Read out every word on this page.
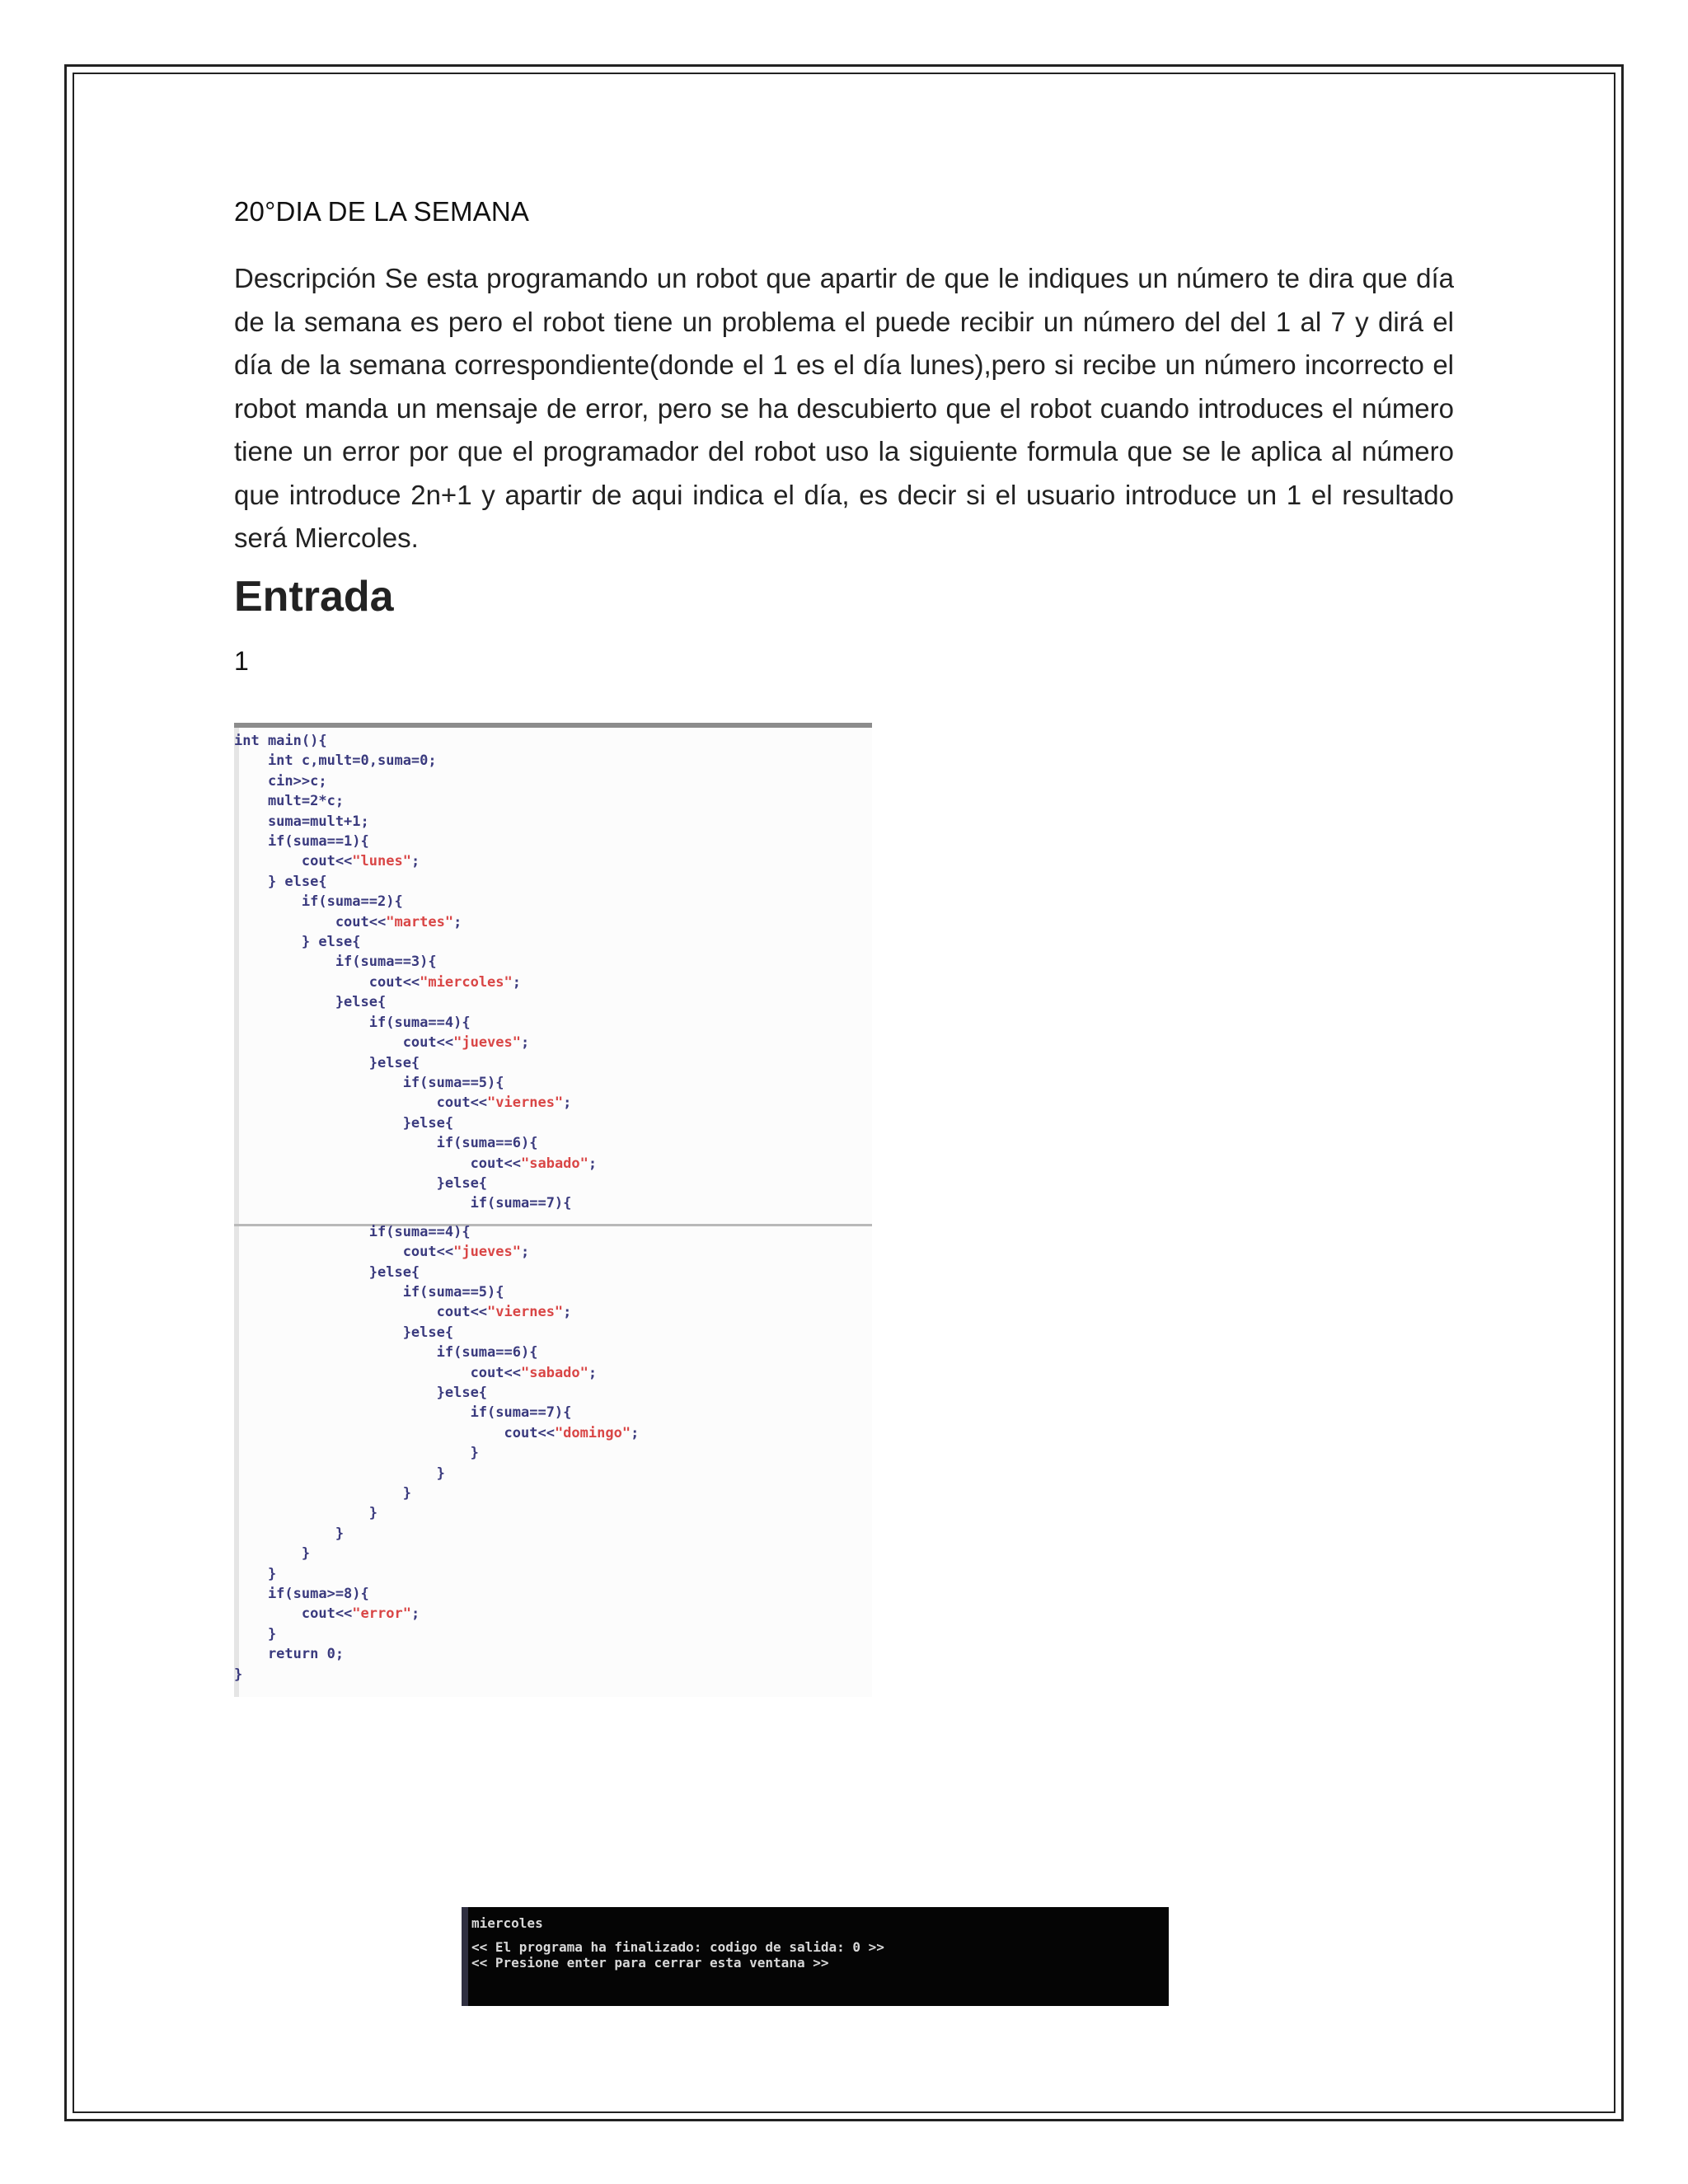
20°DIA DE LA SEMANA

Descripción Se esta programando un robot que apartir de que le indiques un número te dira que día de la semana es pero el robot tiene un problema el puede recibir un número del del 1 al 7 y dirá el día de la semana correspondiente(donde el 1 es el día lunes),pero si recibe un número incorrecto el robot manda un mensaje de error, pero se ha descubierto que el robot cuando introduces el número tiene un error por que el programador del robot uso la siguiente formula que se le aplica al número que introduce 2n+1 y apartir de aqui indica el día, es decir si el usuario introduce un 1 el resultado será Miercoles.

Entrada

1

int main(){
int c,mult=0,suma=0;
cin>>c;
mult=2*c;
suma=mult+1;
if(suma==1){
cout<<"lunes";
} else{
if(suma==2){
cout<<"martes";
} else{
if(suma==3){
cout<<"miercoles";
}else{
if(suma==4){
cout<<"jueves";
}else{
if(suma==5){
cout<<"viernes";
}else{
if(suma==6){
cout<<"sabado";
}else{
if(suma==7){
if(suma==4){
cout<<"jueves";
}else{
if(suma==5){
cout<<"viernes";
}else{
if(suma==6){
cout<<"sabado";
}else{
if(suma==7){
cout<<"domingo";
}
}
}
}
}
}
}
if(suma>=8){
cout<<"error";
}
return 0;
}
miercoles

<< El programa ha finalizado: codigo de salida: 0 >>
<< Presione enter para cerrar esta ventana >>
